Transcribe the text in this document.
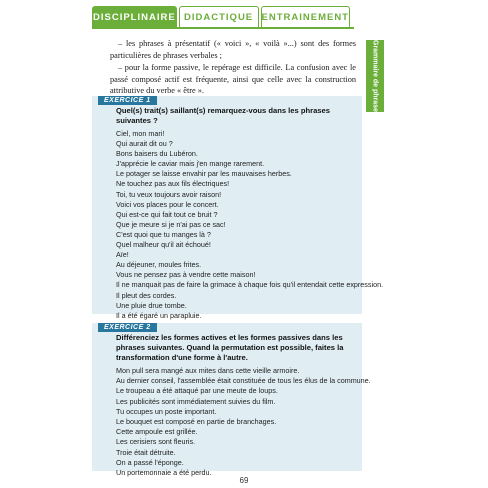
DISCIPLINAIRE DIDACTIQUE ENTRAINEMENT
Grammaire de phrase

– les phrases à présentatif (« voici », « voilà »...) sont des formes particulières de phrases verbales ;

– pour la forme passive, le repérage est difficile. La confusion avec le passé composé actif est fréquente, ainsi que celle avec la construction attributive du verbe « être ».

EXERCICE 1
Quel(s) trait(s) saillant(s) remarquez-vous dans les phrases suivantes ?
Ciel, mon mari!
Qui aurait dit ou ?
Bons baisers du Lubéron.
J'apprécie le caviar mais j'en mange rarement.
Le potager se laisse envahir par les mauvaises herbes.
Ne touchez pas aux fils électriques!
Toi, tu veux toujours avoir raison!
Voici vos places pour le concert.
Qui est-ce qui fait tout ce bruit ?
Que je meure si je n'ai pas ce sac!
C'est quoi que tu manges là ?
Quel malheur qu'il ait échoué!
Aïe!
Au déjeuner, moules frites.
Vous ne pensez pas à vendre cette maison!
Il ne manquait pas de faire la grimace à chaque fois qu'il entendait cette expression.
Il pleut des cordes.
Une pluie drue tombe.
Il a été égaré un parapluie.
EXERCICE 2
Différenciez les formes actives et les formes passives dans les phrases suivantes. Quand la permutation est possible, faites la transformation d'une forme à l'autre.
Mon pull sera mangé aux mites dans cette vieille armoire.
Au dernier conseil, l'assemblée était constituée de tous les élus de la commune.
Le troupeau a été attaqué par une meute de loups.
Les publicités sont immédiatement suivies du film.
Tu occupes un poste important.
Le bouquet est composé en partie de branchages.
Cette ampoule est grillée.
Les cerisiers sont fleuris.
Troie était détruite.
On a passé l'éponge.
Un portemonnaie a été perdu.
69
